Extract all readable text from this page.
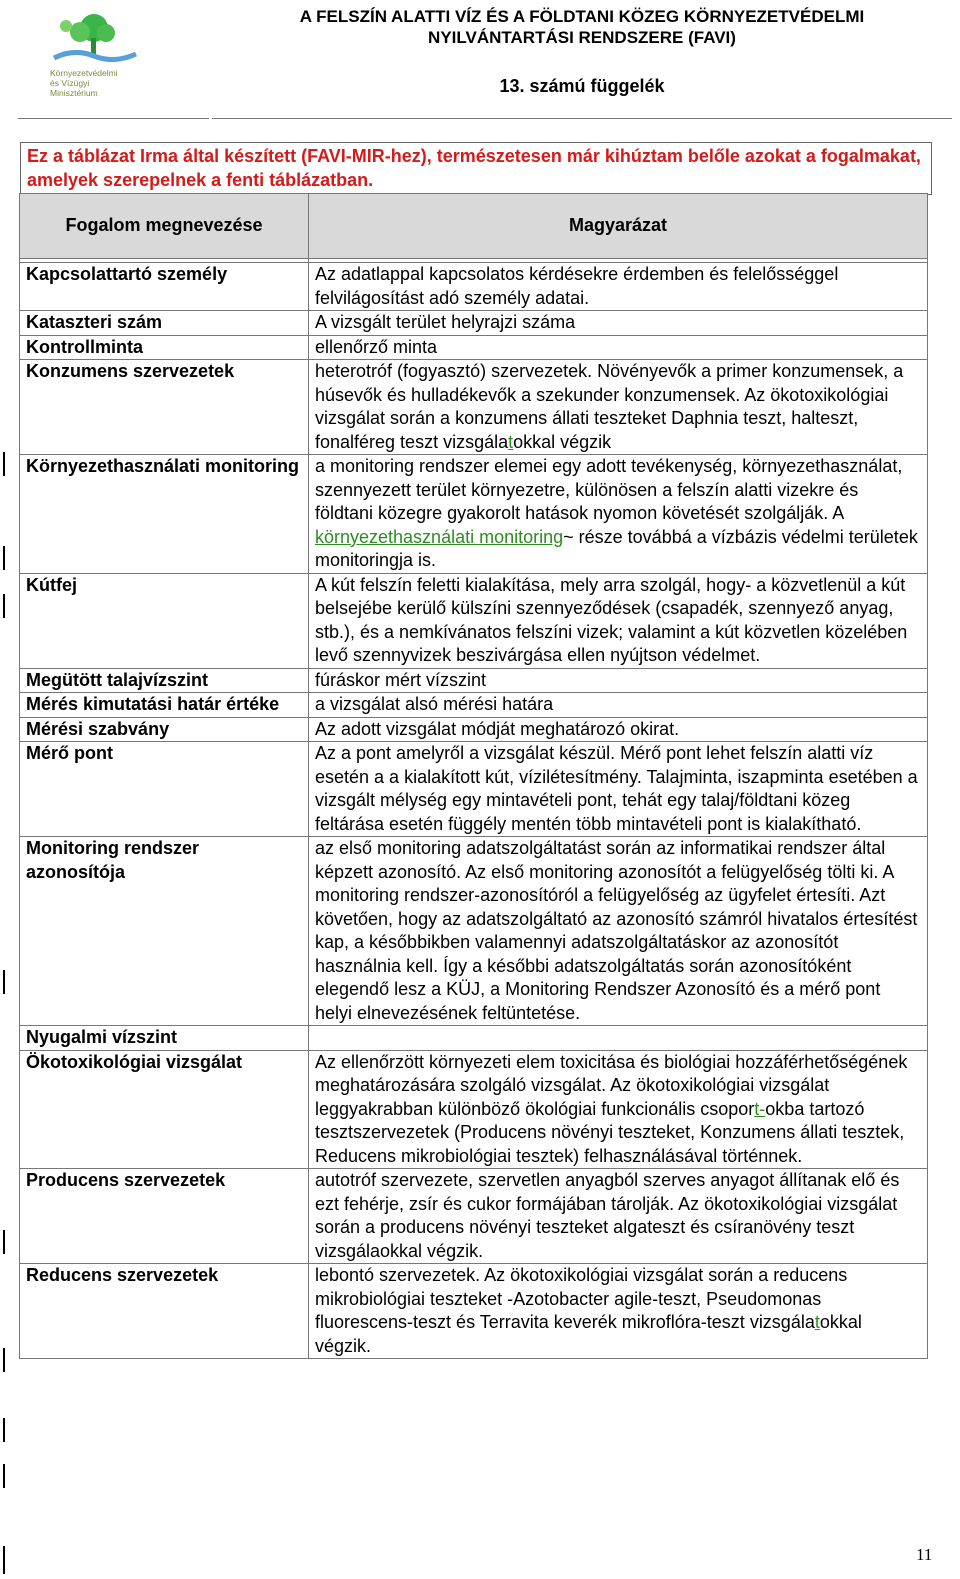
Környezetvédelmi
és Vízügyi
Minisztérium
A FELSZÍN ALATTI VÍZ ÉS A FÖLDTANI KÖZEG KÖRNYEZETVÉDELMI
NYILVÁNTARTÁSI RENDSZERE (FAVI)
13. számú függelék
Ez a táblázat Irma által készített (FAVI-MIR-hez), természetesen már kihúztam belőle azokat a fogalmakat, amelyek szerepelnek a fenti táblázatban.
Fogalom megnevezése	Magyarázat

Kapcsolattartó személy	Az adatlappal kapcsolatos kérdésekre érdemben és felelősséggel felvilágosítást adó személy adatai.
Kataszteri szám	A vizsgált terület helyrajzi száma
Kontrollminta	ellenőrző minta
Konzumens szervezetek	heterotróf (fogyasztó) szervezetek. Növényevők a primer konzumensek, a húsevők és hulladékevők a szekunder konzumensek. Az ökotoxikológiai vizsgálat során a konzumens állati teszteket Daphnia teszt, halteszt, fonalféreg teszt vizsgálatokkal végzik
Környezethasználati monitoring	a monitoring rendszer elemei egy adott tevékenység, környezethasználat, szennyezett terület környezetre, különösen a felszín alatti vizekre és földtani közegre gyakorolt hatások nyomon követését szolgálják. A környezethasználati monitoring~ része továbbá a vízbázis védelmi területek monitoringja is.
Kútfej	A kút felszín feletti kialakítása, mely arra szolgál, hogy- a közvetlenül a kút belsejébe kerülő külszíni szennyeződések (csapadék, szennyező anyag, stb.), és a nemkívánatos felszíni vizek; valamint a kút közvetlen közelében levő szennyvizek beszivárgása ellen nyújtson védelmet.
Megütött talajvízszint	fúráskor mért vízszint
Mérés kimutatási határ értéke	a vizsgálat alsó mérési határa
Mérési szabvány	Az adott vizsgálat módját meghatározó okirat.
Mérő pont	Az a pont amelyről a vizsgálat készül. Mérő pont lehet felszín alatti víz esetén a a kialakított kút, vízilétesítmény. Talajminta, iszapminta esetében a vizsgált mélység egy mintavételi pont, tehát egy talaj/földtani közeg feltárása esetén függély mentén több mintavételi pont is kialakítható.
Monitoring rendszer azonosítója	az első monitoring adatszolgáltatást során az informatikai rendszer által képzett azonosító. Az első monitoring azonosítót a felügyelőség tölti ki. A monitoring rendszer-azonosítóról a felügyelőség az ügyfelet értesíti. Azt követően, hogy az adatszolgáltató az azonosító számról hivatalos értesítést kap, a későbbikben valamennyi adatszolgáltatáskor az azonosítót használnia kell. Így a későbbi adatszolgáltatás során azonosítóként elegendő lesz a KÜJ, a Monitoring Rendszer Azonosító és a mérő pont helyi elnevezésének feltüntetése.
Nyugalmi vízszint	
Ökotoxikológiai vizsgálat	Az ellenőrzött környezeti elem toxicitása és biológiai hozzáférhetőségének meghatározására szolgáló vizsgálat. Az ökotoxikológiai vizsgálat leggyakrabban különböző ökológiai funkcionális csoport-okba tartozó tesztszervezetek (Producens növényi teszteket, Konzumens állati tesztek, Reducens mikrobiológiai tesztek) felhasználásával történnek.
Producens szervezetek	autotróf szervezete, szervetlen anyagból szerves anyagot állítanak elő és ezt fehérje, zsír és cukor formájában tárolják. Az ökotoxikológiai vizsgálat során a producens növényi teszteket algateszt és csíranövény teszt vizsgálaokkal végzik.
Reducens szervezetek	lebontó szervezetek. Az ökotoxikológiai vizsgálat során a reducens mikrobiológiai teszteket -Azotobacter agile-teszt, Pseudomonas fluorescens-teszt és Terravita keverék mikroflóra-teszt vizsgálatokkal végzik.
11
